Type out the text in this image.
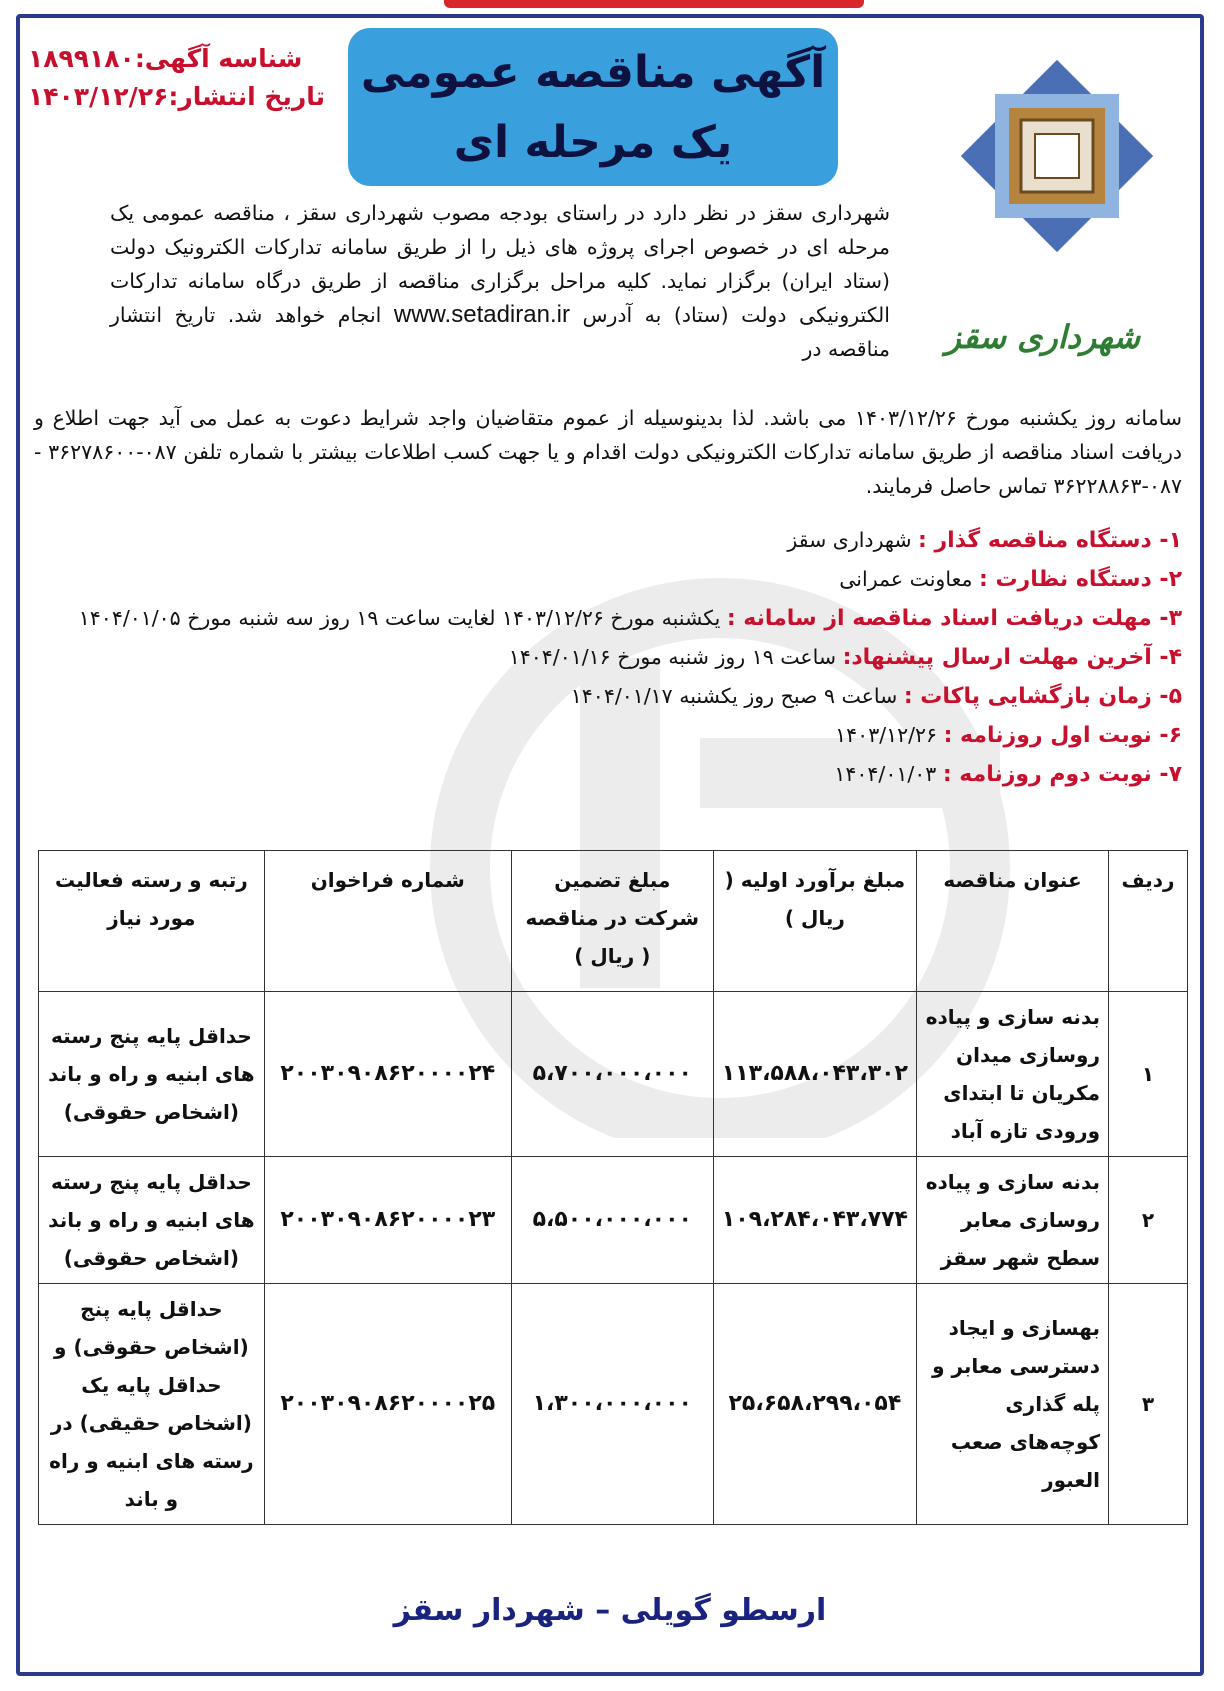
شناسه آگهی:۱۸۹۹۱۸۰
تاریخ انتشار:۱۴۰۳/۱۲/۲۶ آگهی مناقصه عمومی
یک مرحله ای
شهرداری سقز
شهرداری سقز در نظر دارد در راستای بودجه مصوب شهرداری سقز ، مناقصه عمومی یک مرحله ای در خصوص اجرای پروژه های ذیل را از طریق سامانه تدارکات الکترونیک دولت (ستاد ایران) برگزار نماید. کلیه مراحل برگزاری مناقصه از طریق درگاه سامانه تدارکات الکترونیکی دولت (ستاد) به آدرس www.setadiran.ir انجام خواهد شد. تاریخ انتشار مناقصه در
سامانه روز یکشنبه مورخ ۱۴۰۳/۱۲/۲۶ می باشد. لذا بدینوسیله از عموم متقاضیان واجد شرایط دعوت به عمل می آید جهت اطلاع و دریافت اسناد مناقصه از طریق سامانه تدارکات الکترونیکی دولت اقدام و یا جهت کسب اطلاعات بیشتر با شماره تلفن ۰۸۷-۳۶۲۷۸۶۰۰ - ۰۸۷-۳۶۲۲۸۸۶۳ تماس حاصل فرمایند.

۱- دستگاه مناقصه گذار : شهرداری سقز

۲- دستگاه نظارت : معاونت عمرانی

۳- مهلت دریافت اسناد مناقصه از سامانه : یکشنبه مورخ ۱۴۰۳/۱۲/۲۶ لغایت ساعت ۱۹ روز سه شنبه مورخ ۱۴۰۴/۰۱/۰۵

۴- آخرین مهلت ارسال پیشنهاد: ساعت ۱۹ روز شنبه مورخ ۱۴۰۴/۰۱/۱۶

۵- زمان بازگشایی پاکات : ساعت ۹ صبح روز یکشنبه ۱۴۰۴/۰۱/۱۷

۶- نوبت اول روزنامه : ۱۴۰۳/۱۲/۲۶

۷- نوبت دوم روزنامه : ۱۴۰۴/۰۱/۰۳

ردیف	عنوان مناقصه	مبلغ برآورد اولیه ( ریال )	مبلغ تضمین شرکت در مناقصه ( ریال )	شماره فراخوان	رتبه و رسته فعالیت مورد نیاز
۱	بدنه سازی و پیاده روسازی میدان مکریان تا ابتدای ورودی تازه آباد	۱۱۳،۵۸۸،۰۴۳،۳۰۲	۵،۷۰۰،۰۰۰،۰۰۰	۲۰۰۳۰۹۰۸۶۲۰۰۰۰۲۴	حداقل پایه پنج رسته های ابنیه و راه و باند (اشخاص حقوقی)
۲	بدنه سازی و پیاده روسازی معابر سطح شهر سقز	۱۰۹،۲۸۴،۰۴۳،۷۷۴	۵،۵۰۰،۰۰۰،۰۰۰	۲۰۰۳۰۹۰۸۶۲۰۰۰۰۲۳	حداقل پایه پنج رسته های ابنیه و راه و باند (اشخاص حقوقی)
۳	بهسازی و ایجاد دسترسی معابر و پله گذاری کوچه‌های صعب العبور	۲۵،۶۵۸،۲۹۹،۰۵۴	۱،۳۰۰،۰۰۰،۰۰۰	۲۰۰۳۰۹۰۸۶۲۰۰۰۰۲۵	حداقل پایه پنج (اشخاص حقوقی) و حداقل پایه یک (اشخاص حقیقی) در رسته های ابنیه و راه و باند
ارسطو گویلی – شهردار سقز
